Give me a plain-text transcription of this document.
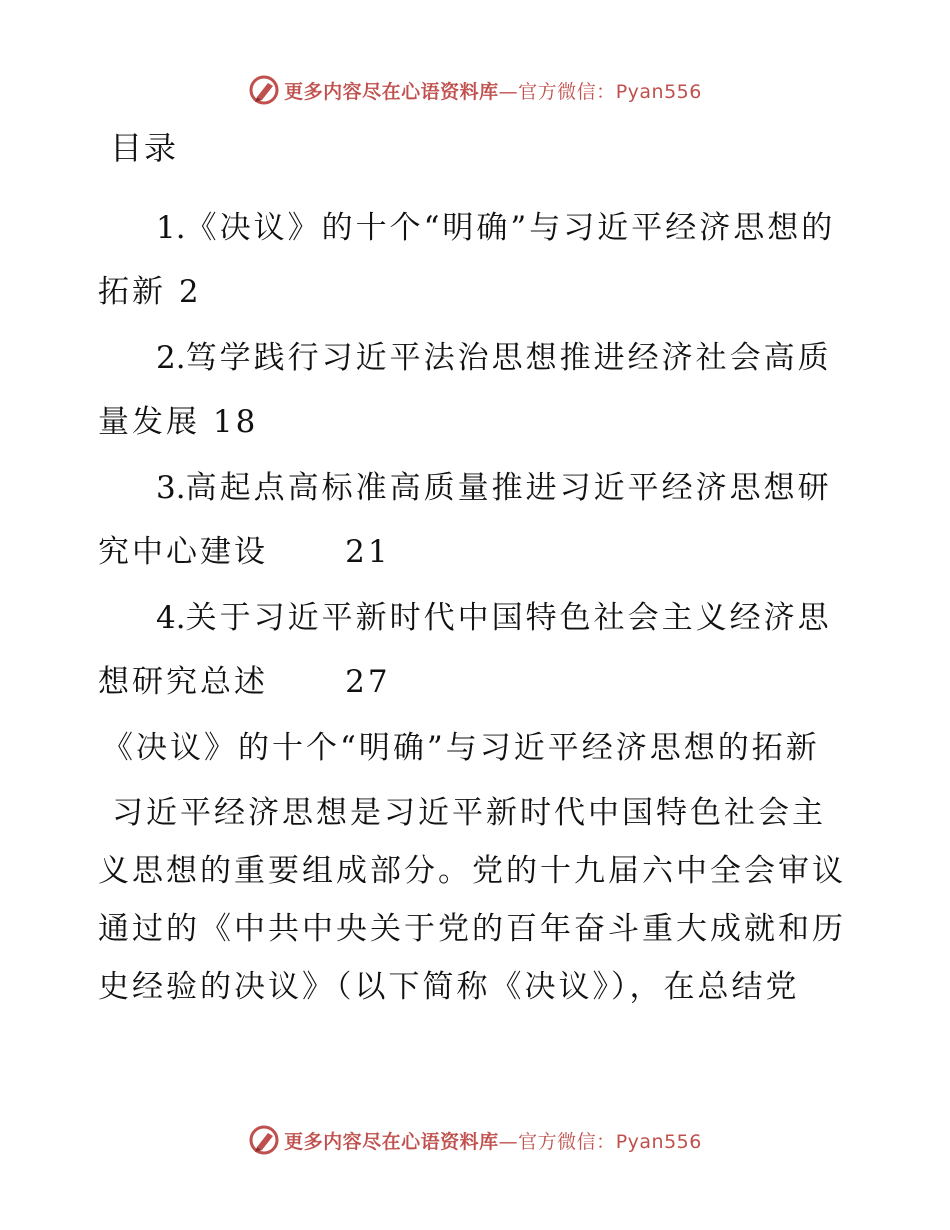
更多内容尽在心语资料库—官方微信：Pyan556
目录
1.《决议》的十个“明确”与习近平经济思想的拓新 2
2.笃学践行习近平法治思想推进经济社会高质量发展 18
3.高起点高标准高质量推进习近平经济思想研究中心建设 21
4.关于习近平新时代中国特色社会主义经济思想研究总述 27
《决议》的十个“明确”与习近平经济思想的拓新

习近平经济思想是习近平新时代中国特色社会主义思想的重要组成部分。党的十九届六中全会审议通过的《中共中央关于党的百年奋斗重大成就和历史经验的决议》（以下简称《决议》），在总结党

更多内容尽在心语资料库—官方微信：Pyan556
